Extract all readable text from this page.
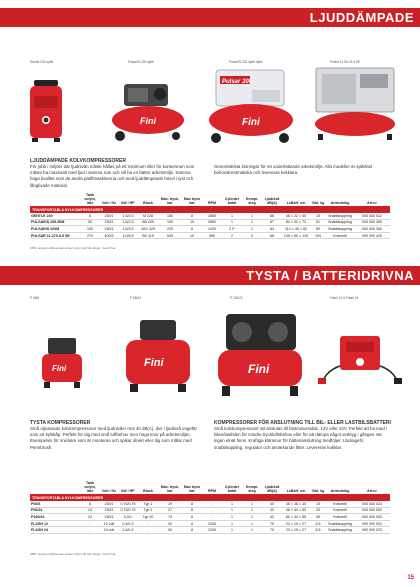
LJUDDÄMPADE
Gentle 230 dyfel	Pulsar/S 220 dyfel	Pulsar/S 220 dyfel dyfel	Pulsar 11 510-5,5 SE
Fini
Pulsar 300
Fini
LJUDDÄMPADE KOLVKOMPRESSORER
För jobb i miljöer där ljudnivån måste hållas på ett minimum eller för kontorsrum som måste ha maximalt med ljud i samma rum och vill ha en bättre arbetsmiljö. Samma höga kvalitet som de andra patiftmaskinerna och med ljuddämpande hövel i tyst och långlivade material.
Genomtänkta lösningar för ett underlättande arbetsmiljö. Alla modeller är självfast behovstreatmatiska och levereras kokklara.
	Tank volym, liter	Volt / Hz	kW / HP	Block	Max. tryck, bar	Max tryck bar	RPM	Cylinder antal	Kompr. steg	Ljudnivå dB(A)	LxBxH, cm	Vikt, kg	Anslutning	Art.nr
TRANSPORTABLA KYLKOMPRESSORER														
GENTLE 230	6	230/1	1,5/2,0	M 228	150	8	2850	1	1	66	46 × 22 × 45	15	Snabbkoppling	000 000 012
PULSAR/S 205-50M	50	230/1	1,5/2,5	AB 205	195	10	2850	1	1	67	84 × 32 × 72	51	Snabbkoppling	000 000 350
PULSAR/S 220M	100	230/1	1,5/2,5	VAX 329	220	8	1420	2 P	1	64	114 × 45 × 82	80	Snabbkoppling	000 000 355
PULSAR 11-270-5,5 SE	270	400/3	4,0/5,5	BK 119	545	10	950	2	2	66	135 × 60 × 120	194	Kulventil	000 000 420
OBS: angiven luftleverans avser volym vid fritt utlopp, med 8 bar.
TYSTA / BATTERIDRIVNA
P 06/6	P 06/24	P 100/24	Flash 12 & Flash 24
Fini	Fini	Fini
TYSTA KOMPRESSORER
Små oljeamade kolvkompressorer med ljudnivåer mot 40 dB(A), dvs i ljudnivå ungefär som ett kylskåp. Perfekt för dig med små luftbehov men höga krav på arbetsmiljön. Exempelvis för snickare som är monteras och spikar direkt eller dig som målar med Pennbrush.
KOMPRESSORER FÖR ANSLUTNING TILL BIL- ELLER LASTBILSBATTERI
Små kolvkompressorer att anslutas till fästmotorsidde. 12V eller 24V. Perfekt att ha med i bilen/lastbilen för mindre tryckluftsbehov eller för att dämpa något verktyg i gången när ingen elnät finns. Kraftiga klämmor för batterianslutning medföljer. Läckagefri, snabbkoppling, regulator och anvärkande fitter. Levereras kokklar.
	Tank volym, liter	Volt / Hz	kW / HP	Block	Max. tryck, bar	Max tryck bar	RPM	Cylinder antal	Kompr. steg	Ljudnivå dB(A)	LxBxH, cm	Vikt, kg	Anslutning	Art.nr
TRANSPORTABLA KYLKOMPRESSORER														
P06/6	6	230/1	0,75/0,75	Typ 1	19	8	-	1	1	40	38 × 38 × 35	10	Kulventil	000 000 024
P06/24	24	230/1	0,75/0,75	Typ 1	27	8	-	1	1	40	46 × 44 × 50	20	Kulventil	000 000 052
P100/24	24	230/1	0,5/1	Typ 20	74	8	-	1	1	42	60 × 33 × 55	45	Kulventil	000 000 053
FLASH 12	-	12 volt	0,4/0,3	-	30	8	2250	1	1	75	23 × 19 × 27	8,5	Snabbkoppling	000 000 022
FLASH 24	-	24 volt	0,4/0,3	-	30	8	2250	1	1	75	23 × 19 × 27	8,5	Snabbkoppling	000 000 023
OBS: angiven luftleverans avser volym vid fritt utlopp, med 8 bar.
15
